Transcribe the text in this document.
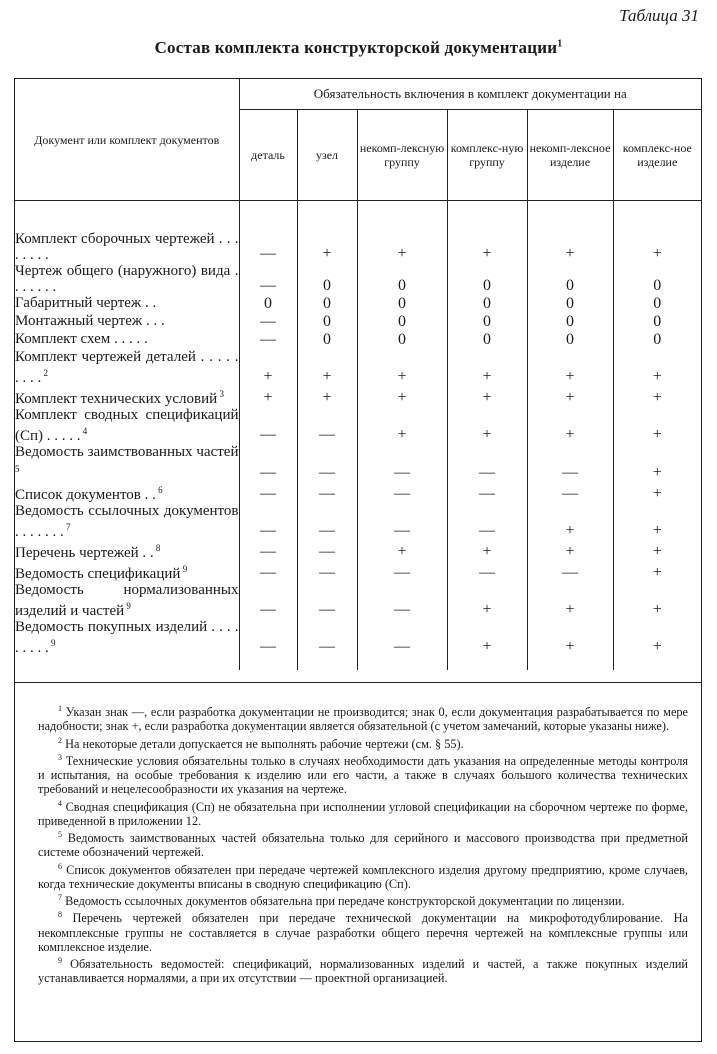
Таблица 31
Состав комплекта конструкторской документации$^1$
Документ или комплект документов	Обязательность включения в комплект документации на					
	деталь	узел	некомп-лексную группу	комплекс-ную группу	некомп-лексное изделие	комплекс-ное изделие
Комплект сборочных чертежей . . . . . . . .	—	+	+	+	+	+
Чертеж общего (наружного) вида . . . . . . .	—	0	0	0	0	0
Габаритный чертеж . .	0	0	0	0	0	0
Монтажный чертеж . . .	—	0	0	0	0	0
Комплект схем . . . . .	—	0	0	0	0	0
Комплект чертежей деталей . . . . . . . . . $^2$	+	+	+	+	+	+
Комплект технических условий $^3$	+	+	+	+	+	+
Комплект сводных спецификаций (Сп) . . . . . $^4$	—	—	+	+	+	+
Ведомость заимствованных частей $^5$	—	—	—	—	—	+
Список документов . . $^6$	—	—	—	—	—	+
Ведомость ссылочных документов . . . . . . . $^7$	—	—	—	—	+	+
Перечень чертежей . . $^8$	—	—	+	+	+	+
Ведомость спецификаций $^9$	—	—	—	—	—	+
Ведомость нормализованных изделий и частей $^9$	—	—	—	+	+	+
Ведомость покупных изделий . . . . . . . . . $^9$	—	—	—	+	+	+

$^1$ Указан знак —, если разработка документации не производится; знак 0, если документация разрабатывается по мере надобности; знак +, если разработка документации является обязательной (с учетом замечаний, которые указаны ниже).

$^2$ На некоторые детали допускается не выполнять рабочие чертежи (см. § 55).

$^3$ Технические условия обязательны только в случаях необходимости дать указания на определенные методы контроля и испытания, на особые требования к изделию или его части, а также в случаях большого количества технических требований и нецелесообразности их указания на чертеже.

$^4$ Сводная спецификация (Сп) не обязательна при исполнении угловой спецификации на сборочном чертеже по форме, приведенной в приложении 12.

$^5$ Ведомость заимствованных частей обязательна только для серийного и массового производства при предметной системе обозначений чертежей.

$^6$ Список документов обязателен при передаче чертежей комплексного изделия другому предприятию, кроме случаев, когда технические документы вписаны в сводную спецификацию (Сп).

$^7$ Ведомость ссылочных документов обязательна при передаче конструкторской документации по лицензии.

$^8$ Перечень чертежей обязателен при передаче технической документации на микрофотодублирование. На некомплексные группы не составляется в случае разработки общего перечня чертежей на комплексные группы или комплексное изделие.

$^9$ Обязательность ведомостей: спецификаций, нормализованных изделий и частей, а также покупных изделий устанавливается нормалями, а при их отсутствии — проектной организацией.
